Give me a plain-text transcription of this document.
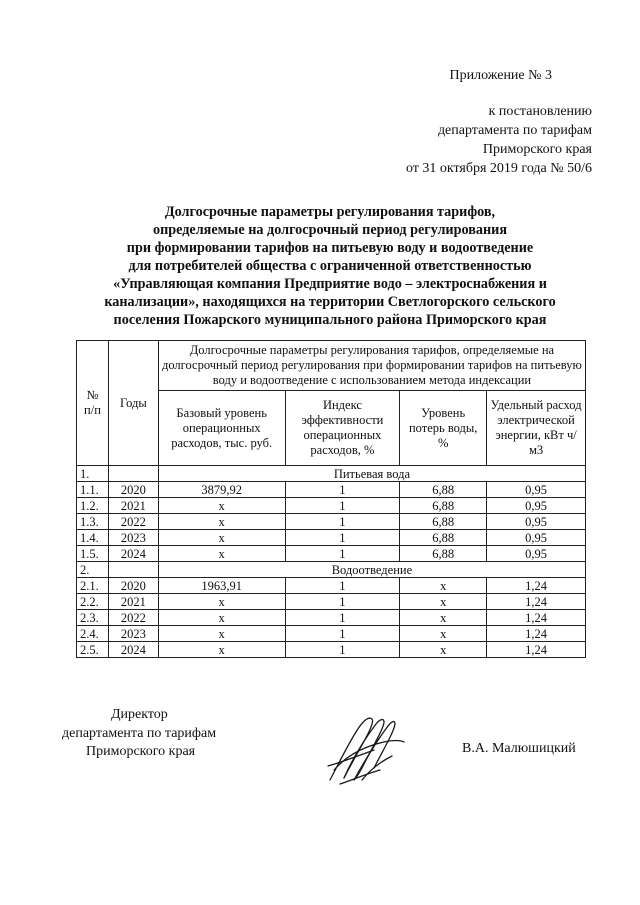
Приложение № 3
к постановлению
департамента по тарифам
Приморского края
от 31 октября 2019 года № 50/6
Долгосрочные параметры регулирования тарифов,
определяемые на долгосрочный период регулирования
при формировании тарифов на питьевую воду и водоотведение
для потребителей общества с ограниченной ответственностью
«Управляющая компания Предприятие водо – электроснабжения и
канализации», находящихся на территории Светлогорского сельского
поселения Пожарского муниципального района Приморского края
№ п/п	Годы	Долгосрочные параметры регулирования тарифов, определяемые на долгосрочный период регулирования при формировании тарифов на питьевую воду и водоотведение с использованием метода индексации			
		Базовый уровень операционных расходов, тыс. руб.	Индекс эффективности операционных расходов, %	Уровень потерь воды, %	Удельный расход электрической энергии, кВт ч/м3
1.		Питьевая вода			
1.1.	2020	3879,92	1	6,88	0,95
1.2.	2021	х	1	6,88	0,95
1.3.	2022	х	1	6,88	0,95
1.4.	2023	х	1	6,88	0,95
1.5.	2024	х	1	6,88	0,95
2.		Водоотведение			
2.1.	2020	1963,91	1	х	1,24
2.2.	2021	х	1	х	1,24
2.3.	2022	х	1	х	1,24
2.4.	2023	х	1	х	1,24
2.5.	2024	х	1	х	1,24
Директор
департамента по тарифам
Приморского края	В.А. Малюшицкий
